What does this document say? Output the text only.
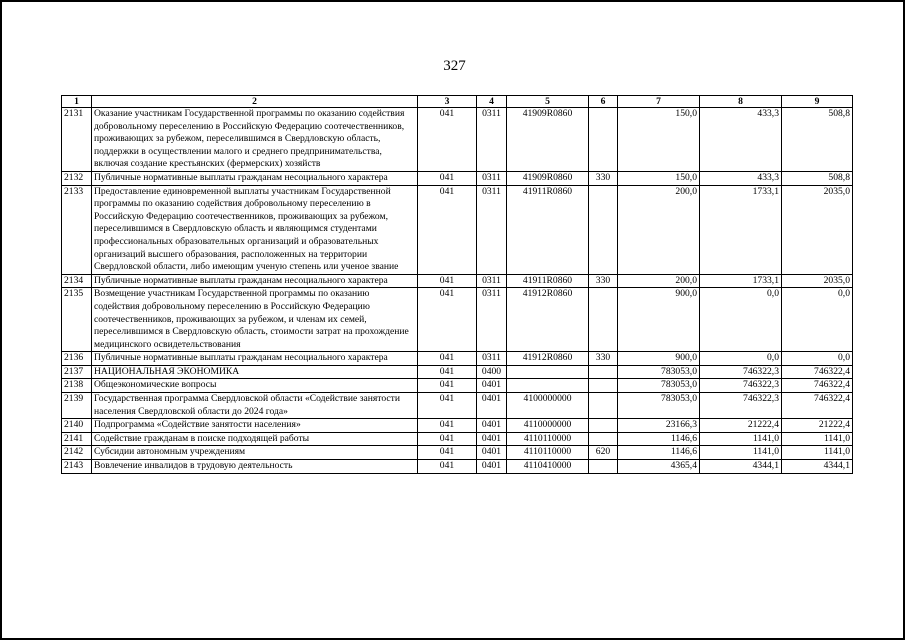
327
1	2	3	4	5	6	7	8	9
2131	Оказание участникам Государственной программы по оказанию содействия добровольному переселению в Российскую Федерацию соотечественников, проживающих за рубежом, переселившимся в Свердловскую область, поддержки в осуществлении малого и среднего предпринимательства, включая создание крестьянских (фермерских) хозяйств	041	0311	41909R0860		150,0	433,3	508,8
2132	Публичные нормативные выплаты гражданам несоциального характера	041	0311	41909R0860	330	150,0	433,3	508,8
2133	Предоставление единовременной выплаты участникам Государственной программы по оказанию содействия добровольному переселению в Российскую Федерацию соотечественников, проживающих за рубежом, переселившимся в Свердловскую область и являющимся студентами профессиональных образовательных организаций и образовательных организаций высшего образования, расположенных на территории Свердловской области, либо имеющим ученую степень или ученое звание	041	0311	41911R0860		200,0	1733,1	2035,0
2134	Публичные нормативные выплаты гражданам несоциального характера	041	0311	41911R0860	330	200,0	1733,1	2035,0
2135	Возмещение участникам Государственной программы по оказанию содействия добровольному переселению в Российскую Федерацию соотечественников, проживающих за рубежом, и членам их семей, переселившимся в Свердловскую область, стоимости затрат на прохождение медицинского освидетельствования	041	0311	41912R0860		900,0	0,0	0,0
2136	Публичные нормативные выплаты гражданам несоциального характера	041	0311	41912R0860	330	900,0	0,0	0,0
2137	НАЦИОНАЛЬНАЯ ЭКОНОМИКА	041	0400			783053,0	746322,3	746322,4
2138	Общеэкономические вопросы	041	0401			783053,0	746322,3	746322,4
2139	Государственная программа Свердловской области «Содействие занятости населения Свердловской области до 2024 года»	041	0401	4100000000		783053,0	746322,3	746322,4
2140	Подпрограмма «Содействие занятости населения»	041	0401	4110000000		23166,3	21222,4	21222,4
2141	Содействие гражданам в поиске подходящей работы	041	0401	4110110000		1146,6	1141,0	1141,0
2142	Субсидии автономным учреждениям	041	0401	4110110000	620	1146,6	1141,0	1141,0
2143	Вовлечение инвалидов в трудовую деятельность	041	0401	4110410000		4365,4	4344,1	4344,1
